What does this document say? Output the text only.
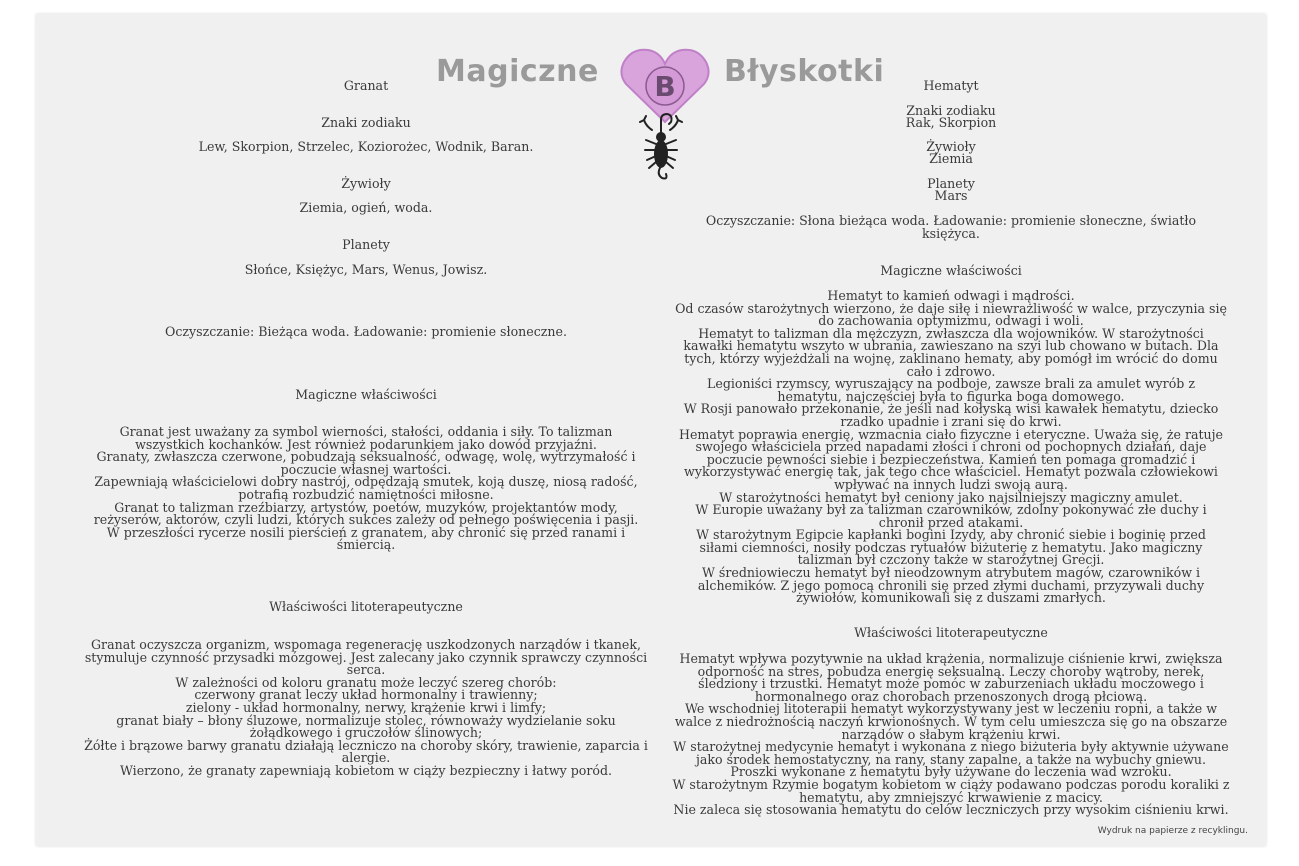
Magiczne B Błyskotki

Granat

Znaki zodiaku

Lew, Skorpion, Strzelec, Koziorożec, Wodnik, Baran.

Żywioły

Ziemia, ogień, woda.

Planety

Słońce, Księżyc, Mars, Wenus, Jowisz.

Oczyszczanie: Bieżąca woda. Ładowanie: promienie słoneczne.

Magiczne właściwości

Granat jest uważany za symbol wierności, stałości, oddania i siły. To talizman
wszystkich kochanków. Jest również podarunkiem jako dowód przyjaźni.
Granaty, zwłaszcza czerwone, pobudzają seksualność, odwagę, wolę, wytrzymałość i
poczucie własnej wartości.
Zapewniają właścicielowi dobry nastrój, odpędzają smutek, koją duszę, niosą radość,
potrafią rozbudzić namiętności miłosne.
Granat to talizman rzeźbiarzy, artystów, poetów, muzyków, projektantów mody,
reżyserów, aktorów, czyli ludzi, których sukces zależy od pełnego poświęcenia i pasji.
W przeszłości rycerze nosili pierścień z granatem, aby chronić się przed ranami i
śmiercią.

Właściwości litoterapeutyczne

Granat oczyszcza organizm, wspomaga regenerację uszkodzonych narządów i tkanek,
stymuluje czynność przysadki mózgowej. Jest zalecany jako czynnik sprawczy czynności
serca.
W zależności od koloru granatu może leczyć szereg chorób:
czerwony granat leczy układ hormonalny i trawienny;
zielony - układ hormonalny, nerwy, krążenie krwi i limfy;
granat biały – błony śluzowe, normalizuje stolec, równoważy wydzielanie soku
żołądkowego i gruczołów ślinowych;
Żółte i brązowe barwy granatu działają leczniczo na choroby skóry, trawienie, zaparcia i
alergie.
Wierzono, że granaty zapewniają kobietom w ciąży bezpieczny i łatwy poród.

Hematyt

Znaki zodiaku

Rak, Skorpion

Żywioły

Ziemia

Planety

Mars

Oczyszczanie: Słona bieżąca woda. Ładowanie: promienie słoneczne, światło

księżyca.

Magiczne właściwości

Hematyt to kamień odwagi i mądrości.
Od czasów starożytnych wierzono, że daje siłę i niewrażliwość w walce, przyczynia się
do zachowania optymizmu, odwagi i woli.
Hematyt to talizman dla mężczyzn, zwłaszcza dla wojowników. W starożytności
kawałki hematytu wszyto w ubrania, zawieszano na szyi lub chowano w butach. Dla
tych, którzy wyjeżdżali na wojnę, zaklinano hematy, aby pomógł im wrócić do domu
cało i zdrowo.
Legioniści rzymscy, wyruszający na podboje, zawsze brali za amulet wyrób z
hematytu, najczęściej była to figurka boga domowego.
W Rosji panowało przekonanie, że jeśli nad kołyską wisi kawałek hematytu, dziecko
rzadko upadnie i zrani się do krwi.
Hematyt poprawia energię, wzmacnia ciało fizyczne i eteryczne. Uważa się, że ratuje
swojego właściciela przed napadami złości i chroni od pochopnych działań, daje
poczucie pewności siebie i bezpieczeństwa. Kamień ten pomaga gromadzić i
wykorzystywać energię tak, jak tego chce właściciel. Hematyt pozwala człowiekowi
wpływać na innych ludzi swoją aurą.
W starożytności hematyt był ceniony jako najsilniejszy magiczny amulet.
W Europie uważany był za talizman czarowników, zdolny pokonywać złe duchy i
chronił przed atakami.
W starożytnym Egipcie kapłanki bogini Izydy, aby chronić siebie i boginię przed
siłami ciemności, nosiły podczas rytuałów biżuterię z hematytu. Jako magiczny
talizman był czczony także w starożytnej Grecji.
W średniowieczu hematyt był nieodzownym atrybutem magów, czarowników i
alchemików. Z jego pomocą chronili się przed złymi duchami, przyzywali duchy
żywiołów, komunikowali się z duszami zmarłych.

Właściwości litoterapeutyczne

Hematyt wpływa pozytywnie na układ krążenia, normalizuje ciśnienie krwi, zwiększa
odporność na stres, pobudza energię seksualną. Leczy choroby wątroby, nerek,
śledziony i trzustki. Hematyt może pomóc w zaburzeniach układu moczowego i
hormonalnego oraz chorobach przenoszonych drogą płciową.
We wschodniej litoterapii hematyt wykorzystywany jest w leczeniu ropni, a także w
walce z niedrożnością naczyń krwionośnych. W tym celu umieszcza się go na obszarze
narządów o słabym krążeniu krwi.
W starożytnej medycynie hematyt i wykonana z niego biżuteria były aktywnie używane
jako środek hemostatyczny, na rany, stany zapalne, a także na wybuchy gniewu.
Proszki wykonane z hematytu były używane do leczenia wad wzroku.
W starożytnym Rzymie bogatym kobietom w ciąży podawano podczas porodu koraliki z
hematytu, aby zmniejszyć krwawienie z macicy.
Nie zaleca się stosowania hematytu do celów leczniczych przy wysokim ciśnieniu krwi.
Wydruk na papierze z recyklingu.
